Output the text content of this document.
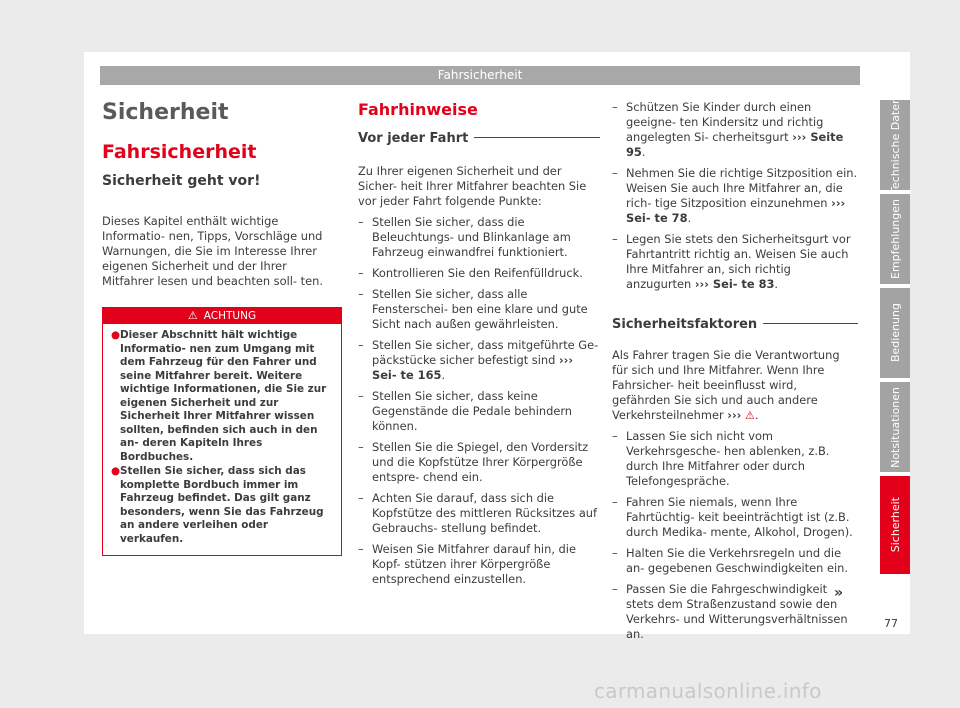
Fahrsicherheit
Sicherheit
Fahrsicherheit
Sicherheit geht vor!

Dieses Kapitel enthält wichtige Informatio- nen, Tipps, Vorschläge und Warnungen, die Sie im Interesse Ihrer eigenen Sicherheit und der Ihrer Mitfahrer lesen und beachten soll- ten.

⚠ ACHTUNG
● Dieser Abschnitt hält wichtige Informatio- nen zum Umgang mit dem Fahrzeug für den Fahrer und seine Mitfahrer bereit. Weitere wichtige Informationen, die Sie zur eigenen Sicherheit und zur Sicherheit Ihrer Mitfahrer wissen sollten, befinden sich auch in den an- deren Kapiteln Ihres Bordbuches.
● Stellen Sie sicher, dass sich das komplette Bordbuch immer im Fahrzeug befindet. Das gilt ganz besonders, wenn Sie das Fahrzeug an andere verleihen oder verkaufen.
Fahrhinweise
Vor jeder Fahrt

Zu Ihrer eigenen Sicherheit und der Sicher- heit Ihrer Mitfahrer beachten Sie vor jeder Fahrt folgende Punkte:

– Stellen Sie sicher, dass die Beleuchtungs- und Blinkanlage am Fahrzeug einwandfrei funktioniert.
– Kontrollieren Sie den Reifenfülldruck.
– Stellen Sie sicher, dass alle Fensterschei- ben eine klare und gute Sicht nach außen gewährleisten.
– Stellen Sie sicher, dass mitgeführte Ge- päckstücke sicher befestigt sind ››› Sei- te 165.
– Stellen Sie sicher, dass keine Gegenstände die Pedale behindern können.
– Stellen Sie die Spiegel, den Vordersitz und die Kopfstütze Ihrer Körpergröße entspre- chend ein.
– Achten Sie darauf, dass sich die Kopfstütze des mittleren Rücksitzes auf Gebrauchs- stellung befindet.
– Weisen Sie Mitfahrer darauf hin, die Kopf- stützen ihrer Körpergröße entsprechend einzustellen.
– Schützen Sie Kinder durch einen geeigne- ten Kindersitz und richtig angelegten Si- cherheitsgurt ››› Seite 95.
– Nehmen Sie die richtige Sitzposition ein. Weisen Sie auch Ihre Mitfahrer an, die rich- tige Sitzposition einzunehmen ››› Sei- te 78.
– Legen Sie stets den Sicherheitsgurt vor Fahrtantritt richtig an. Weisen Sie auch Ihre Mitfahrer an, sich richtig anzugurten ››› Sei- te 83.
Sicherheitsfaktoren

Als Fahrer tragen Sie die Verantwortung für sich und Ihre Mitfahrer. Wenn Ihre Fahrsicher- heit beeinflusst wird, gefährden Sie sich und auch andere Verkehrsteilnehmer ››› ⚠.

– Lassen Sie sich nicht vom Verkehrsgesche- hen ablenken, z.B. durch Ihre Mitfahrer oder durch Telefongespräche.
– Fahren Sie niemals, wenn Ihre Fahrtüchtig- keit beeinträchtigt ist (z.B. durch Medika- mente, Alkohol, Drogen).
– Halten Sie die Verkehrsregeln und die an- gegebenen Geschwindigkeiten ein.
– Passen Sie die Fahrgeschwindigkeit stets dem Straßenzustand sowie den Verkehrs- und Witterungsverhältnissen an.
»
Technische Daten
Empfehlungen
Bedienung
Notsituationen
Sicherheit
77
carmanualsonline.info
